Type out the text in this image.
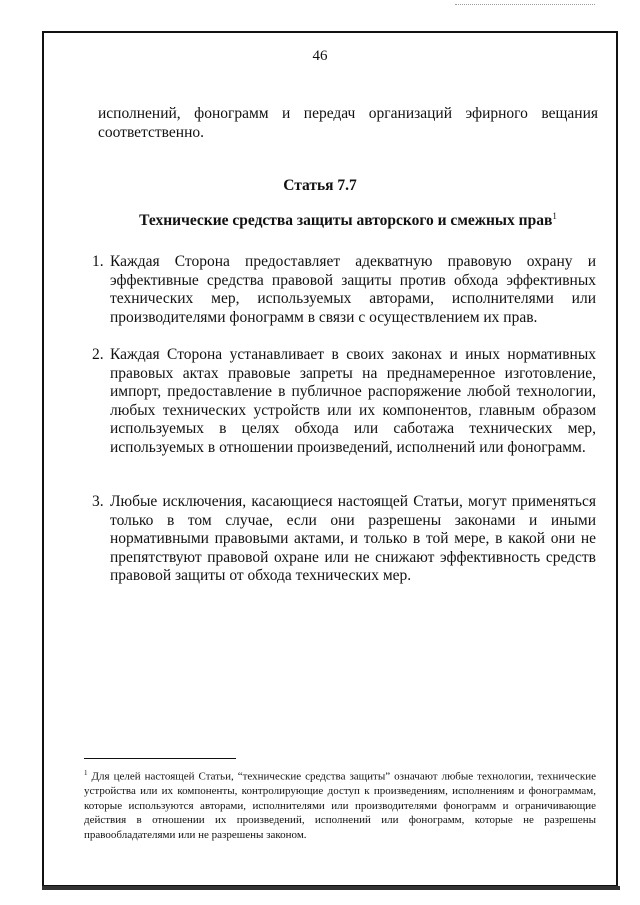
46
исполнений, фонограмм и передач организаций эфирного вещания соответственно.
Статья 7.7
Технические средства защиты авторского и смежных прав$^1$
1. Каждая Сторона предоставляет адекватную правовую охрану и эффективные средства правовой защиты против обхода эффективных технических мер, используемых авторами, исполнителями или производителями фонограмм в связи с осуществлением их прав.
2. Каждая Сторона устанавливает в своих законах и иных нормативных правовых актах правовые запреты на преднамеренное изготовление, импорт, предоставление в публичное распоряжение любой технологии, любых технических устройств или их компонентов, главным образом используемых в целях обхода или саботажа технических мер, используемых в отношении произведений, исполнений или фонограмм.
3. Любые исключения, касающиеся настоящей Статьи, могут применяться только в том случае, если они разрешены законами и иными нормативными правовыми актами, и только в той мере, в какой они не препятствуют правовой охране или не снижают эффективность средств правовой защиты от обхода технических мер.
$^1$ Для целей настоящей Статьи, “технические средства защиты” означают любые технологии, технические устройства или их компоненты, контролирующие доступ к произведениям, исполнениям и фонограммам, которые используются авторами, исполнителями или производителями фонограмм и ограничивающие действия в отношении их произведений, исполнений или фонограмм, которые не разрешены правообладателями или не разрешены законом.
